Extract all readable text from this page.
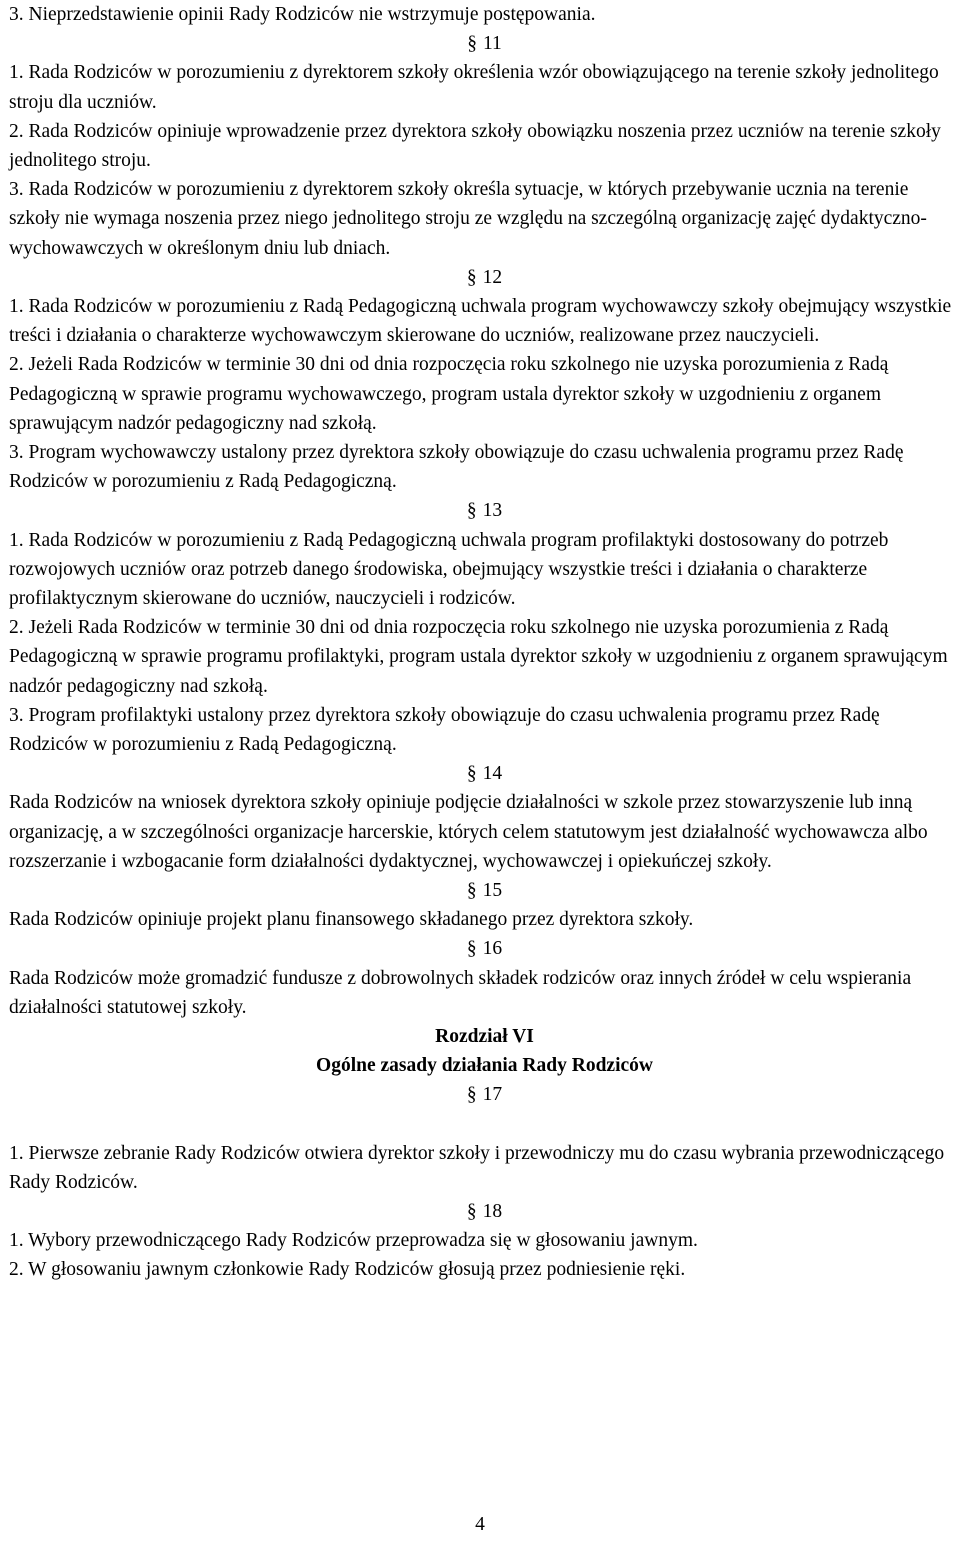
3. Nieprzedstawienie opinii Rady Rodziców nie wstrzymuje postępowania.

§ 11

1. Rada Rodziców w porozumieniu z dyrektorem szkoły określenia wzór obowiązującego na terenie szkoły jednolitego stroju dla uczniów.

2. Rada Rodziców opiniuje wprowadzenie przez dyrektora szkoły obowiązku noszenia przez uczniów na terenie szkoły jednolitego stroju.

3. Rada Rodziców w porozumieniu z dyrektorem szkoły określa sytuacje, w których przebywanie ucznia na terenie szkoły nie wymaga noszenia przez niego jednolitego stroju ze względu na szczególną organizację zajęć dydaktyczno-wychowawczych w określonym dniu lub dniach.

§ 12

1. Rada Rodziców w porozumieniu z Radą Pedagogiczną uchwala program wychowawczy szkoły obejmujący wszystkie treści i działania o charakterze wychowawczym skierowane do uczniów, realizowane przez nauczycieli.

2. Jeżeli Rada Rodziców w terminie 30 dni od dnia rozpoczęcia roku szkolnego nie uzyska porozumienia z Radą Pedagogiczną w sprawie programu wychowawczego, program ustala dyrektor szkoły w uzgodnieniu z organem sprawującym nadzór pedagogiczny nad szkołą.

3. Program wychowawczy ustalony przez dyrektora szkoły obowiązuje do czasu uchwalenia programu przez Radę Rodziców w porozumieniu z Radą Pedagogiczną.

§ 13

1. Rada Rodziców w porozumieniu z Radą Pedagogiczną uchwala program profilaktyki dostosowany do potrzeb rozwojowych uczniów oraz potrzeb danego środowiska, obejmujący wszystkie treści i działania o charakterze profilaktycznym skierowane do uczniów, nauczycieli i rodziców.

2. Jeżeli Rada Rodziców w terminie 30 dni od dnia rozpoczęcia roku szkolnego nie uzyska porozumienia z Radą Pedagogiczną w sprawie programu profilaktyki, program ustala dyrektor szkoły w uzgodnieniu z organem sprawującym nadzór pedagogiczny nad szkołą.

3. Program profilaktyki ustalony przez dyrektora szkoły obowiązuje do czasu uchwalenia programu przez Radę Rodziców w porozumieniu z Radą Pedagogiczną.

§ 14

Rada Rodziców na wniosek dyrektora szkoły opiniuje podjęcie działalności w szkole przez stowarzyszenie lub inną organizację, a w szczególności organizacje harcerskie, których celem statutowym jest działalność wychowawcza albo rozszerzanie i wzbogacanie form działalności dydaktycznej, wychowawczej i opiekuńczej szkoły.

§ 15

Rada Rodziców opiniuje projekt planu finansowego składanego przez dyrektora szkoły.

§ 16

Rada Rodziców może gromadzić fundusze z dobrowolnych składek rodziców oraz innych źródeł w celu wspierania działalności statutowej szkoły.

Rozdział VI
Ogólne zasady działania Rady Rodziców
§ 17

1. Pierwsze zebranie Rady Rodziców otwiera dyrektor szkoły i przewodniczy mu do czasu wybrania przewodniczącego Rady Rodziców.

§ 18

1. Wybory przewodniczącego Rady Rodziców przeprowadza się w głosowaniu jawnym.

2. W głosowaniu jawnym członkowie Rady Rodziców głosują przez podniesienie ręki.

4
